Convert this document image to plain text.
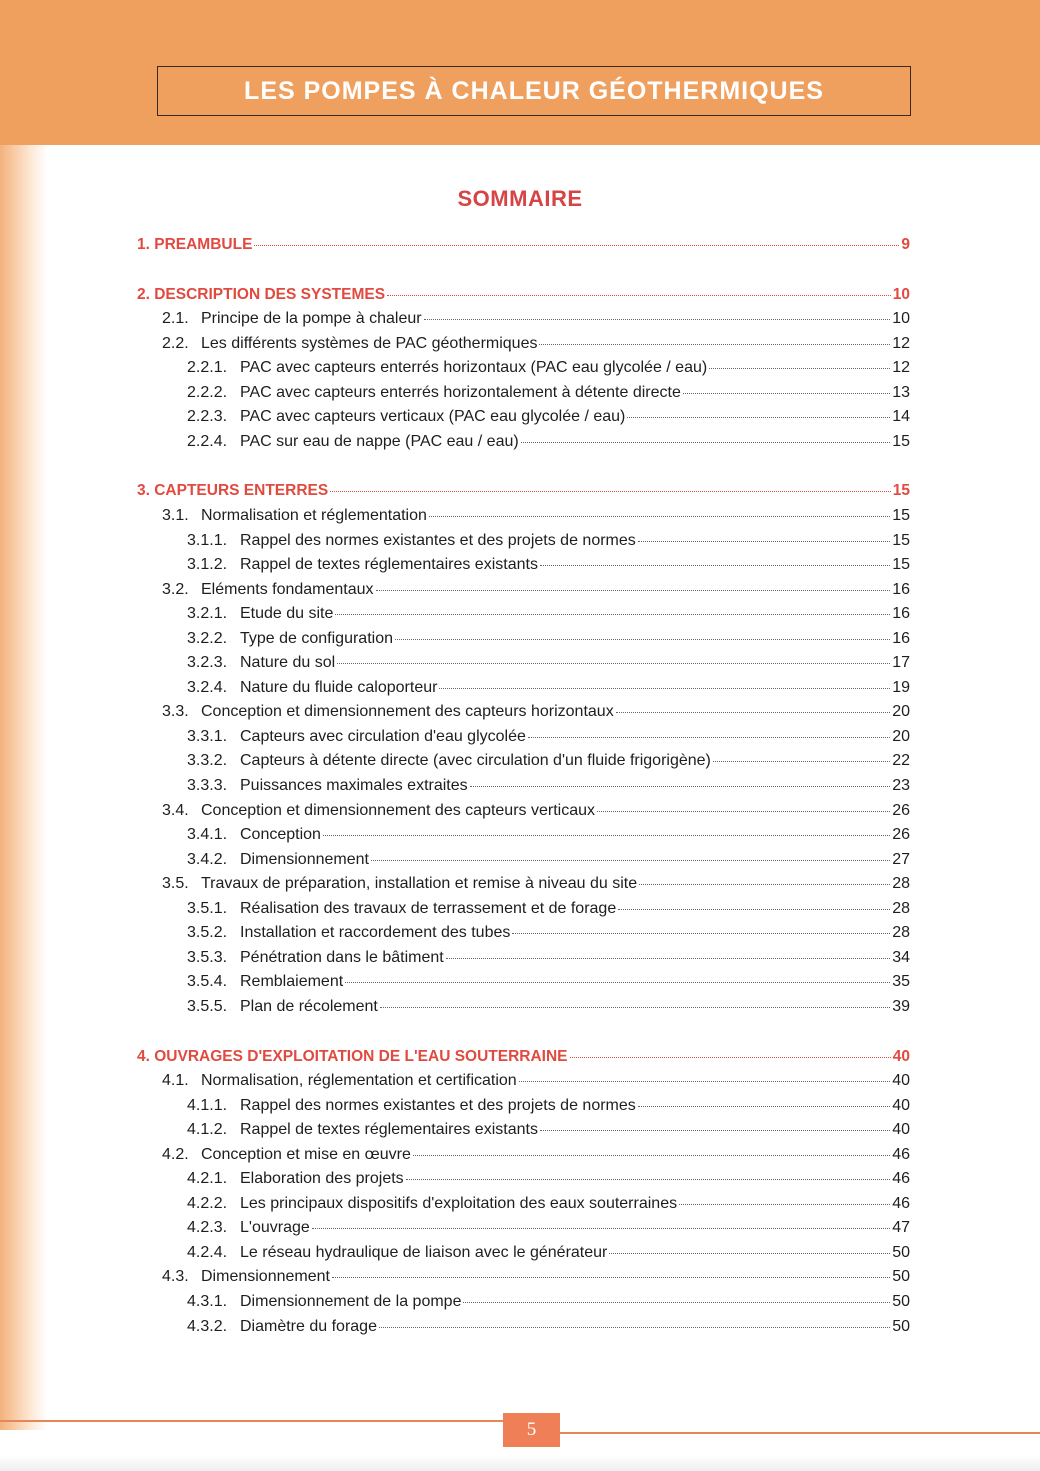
LES POMPES À CHALEUR GÉOTHERMIQUES
SOMMAIRE
1. PREAMBULE	9
2. DESCRIPTION DES SYSTEMES	10
2.1. Principe de la pompe à chaleur	10
2.2. Les différents systèmes de PAC géothermiques	12
2.2.1. PAC avec capteurs enterrés horizontaux (PAC eau glycolée / eau)	12
2.2.2. PAC avec capteurs enterrés horizontalement à détente directe	13
2.2.3. PAC avec capteurs verticaux (PAC eau glycolée / eau)	14
2.2.4. PAC sur eau de nappe (PAC eau / eau)	15
3. CAPTEURS ENTERRES	15
3.1. Normalisation et réglementation	15
3.1.1. Rappel des normes existantes et des projets de normes	15
3.1.2. Rappel de textes réglementaires existants	15
3.2. Eléments fondamentaux	16
3.2.1. Etude du site	16
3.2.2. Type de configuration	16
3.2.3. Nature du sol	17
3.2.4. Nature du fluide caloporteur	19
3.3. Conception et dimensionnement des capteurs horizontaux	20
3.3.1. Capteurs avec circulation d'eau glycolée	20
3.3.2. Capteurs à détente directe (avec circulation d'un fluide frigorigène)	22
3.3.3. Puissances maximales extraites	23
3.4. Conception et dimensionnement des capteurs verticaux	26
3.4.1. Conception	26
3.4.2. Dimensionnement	27
3.5. Travaux de préparation, installation et remise à niveau du site	28
3.5.1. Réalisation des travaux de terrassement et de forage	28
3.5.2. Installation et raccordement des tubes	28
3.5.3. Pénétration dans le bâtiment	34
3.5.4. Remblaiement	35
3.5.5. Plan de récolement	39
4. OUVRAGES D'EXPLOITATION DE L'EAU SOUTERRAINE	40
4.1. Normalisation, réglementation et certification	40
4.1.1. Rappel des normes existantes et des projets de normes	40
4.1.2. Rappel de textes réglementaires existants	40
4.2. Conception et mise en œuvre	46
4.2.1. Elaboration des projets	46
4.2.2. Les principaux dispositifs d'exploitation des eaux souterraines	46
4.2.3. L'ouvrage	47
4.2.4. Le réseau hydraulique de liaison avec le générateur	50
4.3. Dimensionnement	50
4.3.1. Dimensionnement de la pompe	50
4.3.2. Diamètre du forage	50
5
